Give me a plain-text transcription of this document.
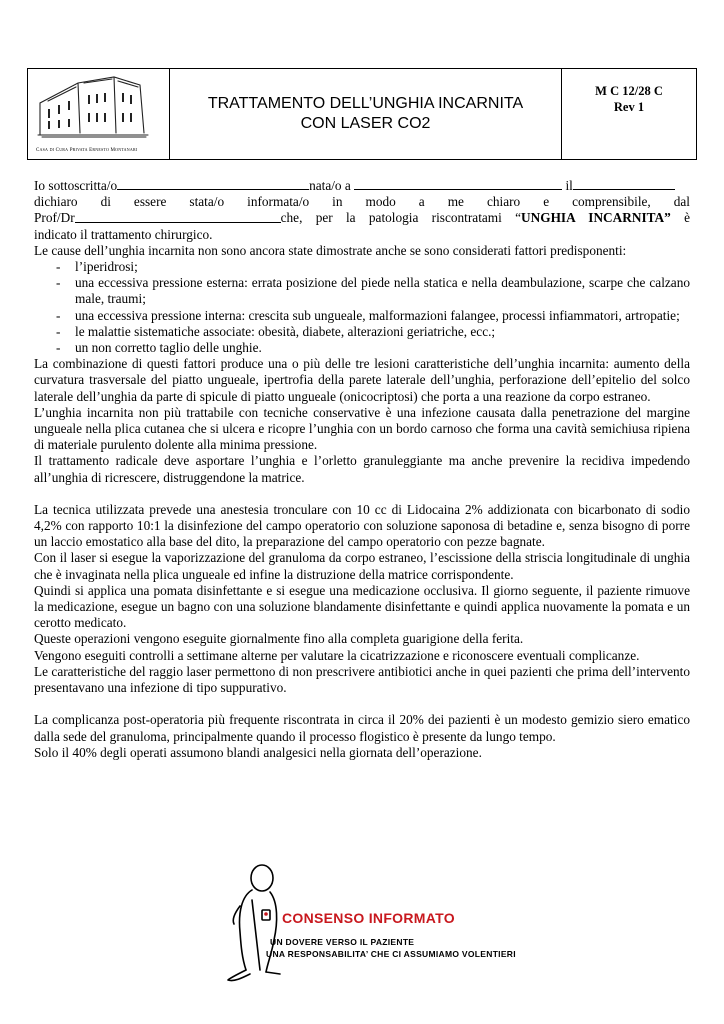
Casa di Cura Privata Ernesto Montanari
TRATTAMENTO DELL’UNGHIA INCARNITA
CON LASER CO2
M C 12/28 C
Rev 1
Io sottoscritta/o	nata/o a	il
dichiaro di essere stata/o informata/o in modo a me chiaro e comprensibile, dal
Prof/Dr	che, per la patologia riscontratami “UNGHIA INCARNITA” è
indicato il trattamento chirurgico.
Le cause dell’unghia incarnita non sono ancora state dimostrate anche se sono considerati fattori predisponenti:
- l’iperidrosi;
- una eccessiva pressione esterna: errata posizione del piede nella statica e nella deambulazione, scarpe che calzano male, traumi;
- una eccessiva pressione interna: crescita sub ungueale, malformazioni falangee, processi infiammatori, artropatie;
- le malattie sistematiche associate: obesità, diabete, alterazioni geriatriche, ecc.;
- un non corretto taglio delle unghie.
La combinazione di questi fattori produce una o più delle tre lesioni caratteristiche dell’unghia incarnita: aumento della curvatura trasversale del piatto ungueale, ipertrofia della parete laterale dell’unghia, perforazione dell’epitelio del solco laterale dell’unghia da parte di spicule di piatto ungueale (onicocriptosi) che porta a una reazione da corpo estraneo.
L’unghia incarnita non più trattabile con tecniche conservative è una infezione causata dalla penetrazione del margine ungueale nella plica cutanea che si ulcera e ricopre l’unghia con un bordo carnoso che forma una cavità semichiusa ripiena di materiale purulento dolente alla minima pressione.
Il trattamento radicale deve asportare l’unghia e l’orletto granuleggiante ma anche prevenire la recidiva impedendo all’unghia di ricrescere, distruggendone la matrice.
La tecnica utilizzata prevede una anestesia tronculare con 10 cc di Lidocaina 2% addizionata con bicarbonato di sodio 4,2% con rapporto 10:1 la disinfezione del campo operatorio con soluzione saponosa di betadine e, senza bisogno di porre un laccio emostatico alla base del dito, la preparazione del campo operatorio con pezze bagnate.
Con il laser si esegue la vaporizzazione del granuloma da corpo estraneo, l’escissione della striscia longitudinale di unghia che è invaginata nella plica ungueale ed infine la distruzione della matrice corrispondente.
Quindi si applica una pomata disinfettante e si esegue una medicazione occlusiva. Il giorno seguente, il paziente rimuove la medicazione, esegue un bagno con una soluzione blandamente disinfettante e quindi applica nuovamente la pomata e un cerotto medicato.
Queste operazioni vengono eseguite giornalmente fino alla completa guarigione della ferita.
Vengono eseguiti controlli a settimane alterne per valutare la cicatrizzazione e riconoscere eventuali complicanze.
Le caratteristiche del raggio laser permettono di non prescrivere antibiotici anche in quei pazienti che prima dell’intervento presentavano una infezione di tipo suppurativo.
La complicanza post-operatoria più frequente riscontrata in circa il 20% dei pazienti è un modesto gemizio siero ematico dalla sede del granuloma, principalmente quando il processo flogistico è presente da lungo tempo.
Solo il 40% degli operati assumono blandi analgesici nella giornata dell’operazione.
CONSENSO INFORMATO
UN DOVERE VERSO IL PAZIENTE
UNA RESPONSABILITA’ CHE CI ASSUMIAMO VOLENTIERI
